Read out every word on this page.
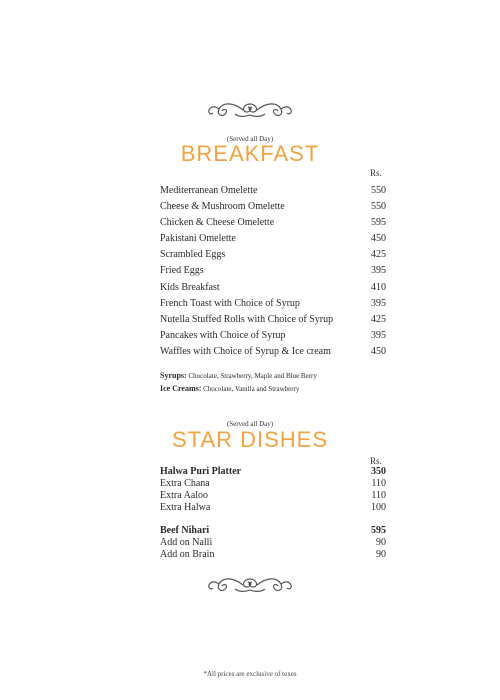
(Served all Day)
BREAKFAST
Rs.
Mediterranean Omelette	550
Cheese & Mushroom Omelette	550
Chicken & Cheese Omelette	595
Pakistani Omelette	450
Scrambled Eggs	425
Fried Eggs	395
Kids Breakfast	410
French Toast with Choice of Syrup	395
Nutella Stuffed Rolls with Choice of Syrup	425
Pancakes with Choice of Syrup	395
Waffles with Choice of Syrup & Ice cream	450
Syrups: Chocolate, Strawberry, Maple and Blue Berry
Ice Creams: Chocolate, Vanilla and Strawberry
(Served all Day)
STAR DISHES
Rs.
Halwa Puri Platter	350
Extra Chana	110
Extra Aaloo	110
Extra Halwa	100
Beef Nihari	595
Add on Nalli	90
Add on Brain	90
*All prices are exclusive of texes
